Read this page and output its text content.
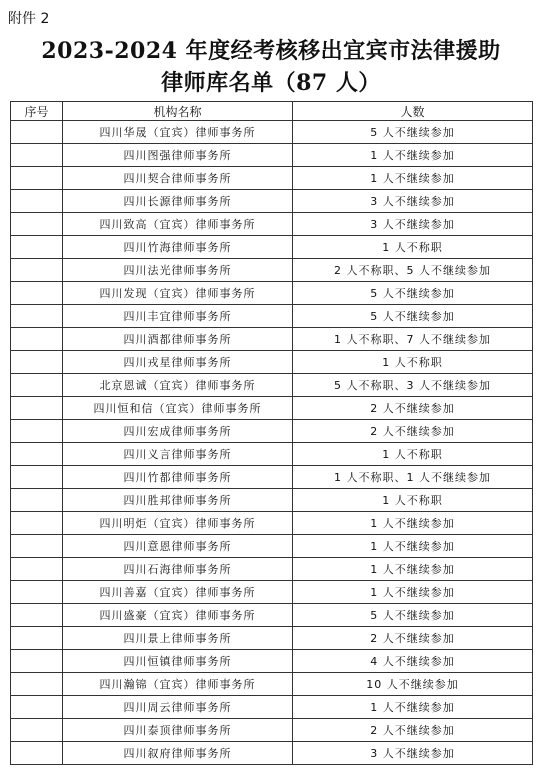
附件 2
2023-2024 年度经考核移出宜宾市法律援助
律师库名单（87 人）
序号	机构名称	人数
	四川华晟（宜宾）律师事务所	5 人不继续参加
	四川图强律师事务所	1 人不继续参加
	四川契合律师事务所	1 人不继续参加
	四川长源律师事务所	3 人不继续参加
	四川致高（宜宾）律师事务所	3 人不继续参加
	四川竹海律师事务所	1 人不称职
	四川法光律师事务所	2 人不称职、5 人不继续参加
	四川发现（宜宾）律师事务所	5 人不继续参加
	四川丰宜律师事务所	5 人不继续参加
	四川酒都律师事务所	1 人不称职、7 人不继续参加
	四川戎星律师事务所	1 人不称职
	北京恩诚（宜宾）律师事务所	5 人不称职、3 人不继续参加
	四川恒和信（宜宾）律师事务所	2 人不继续参加
	四川宏成律师事务所	2 人不继续参加
	四川义言律师事务所	1 人不称职
	四川竹都律师事务所	1 人不称职、1 人不继续参加
	四川胜邦律师事务所	1 人不称职
	四川明炬（宜宾）律师事务所	1 人不继续参加
	四川意恩律师事务所	1 人不继续参加
	四川石海律师事务所	1 人不继续参加
	四川善嘉（宜宾）律师事务所	1 人不继续参加
	四川盛豪（宜宾）律师事务所	5 人不继续参加
	四川景上律师事务所	2 人不继续参加
	四川恒镇律师事务所	4 人不继续参加
	四川瀚锦（宜宾）律师事务所	10 人不继续参加
	四川周云律师事务所	1 人不继续参加
	四川泰顶律师事务所	2 人不继续参加
	四川叙府律师事务所	3 人不继续参加
